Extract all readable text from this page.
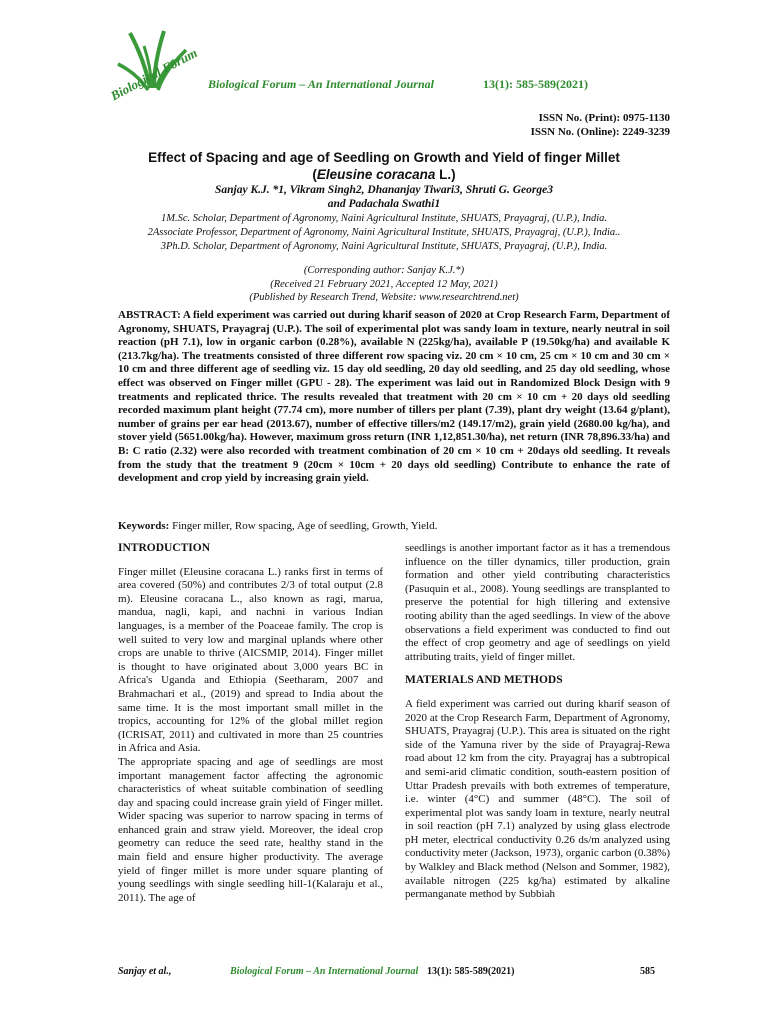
Biological Forum Biological Forum – An International Journal	13(1): 585-589(2021)
ISSN No. (Print): 0975-1130
ISSN No. (Online): 2249-3239
Effect of Spacing and age of Seedling on Growth and Yield of finger Millet
(Eleusine coracana L.)
Sanjay K.J. *1, Vikram Singh2, Dhananjay Tiwari3, Shruti G. George3
and Padachala Swathi1
1M.Sc. Scholar, Department of Agronomy, Naini Agricultural Institute, SHUATS, Prayagraj, (U.P.), India.
2Associate Professor, Department of Agronomy, Naini Agricultural Institute, SHUATS, Prayagraj, (U.P.), India..
3Ph.D. Scholar, Department of Agronomy, Naini Agricultural Institute, SHUATS, Prayagraj, (U.P.), India.
(Corresponding author: Sanjay K.J.*)
(Received 21 February 2021, Accepted 12 May, 2021)
(Published by Research Trend, Website: www.researchtrend.net)
ABSTRACT: A field experiment was carried out during kharif season of 2020 at Crop Research Farm, Department of Agronomy, SHUATS, Prayagraj (U.P.). The soil of experimental plot was sandy loam in texture, nearly neutral in soil reaction (pH 7.1), low in organic carbon (0.28%), available N (225kg/ha), available P (19.50kg/ha) and available K (213.7kg/ha). The treatments consisted of three different row spacing viz. 20 cm × 10 cm, 25 cm × 10 cm and 30 cm × 10 cm and three different age of seedling viz. 15 day old seedling, 20 day old seedling, and 25 day old seedling, whose effect was observed on Finger millet (GPU - 28). The experiment was laid out in Randomized Block Design with 9 treatments and replicated thrice. The results revealed that treatment with 20 cm × 10 cm + 20 days old seedling recorded maximum plant height (77.74 cm), more number of tillers per plant (7.39), plant dry weight (13.64 g/plant), number of grains per ear head (2013.67), number of effective tillers/m2 (149.17/m2), grain yield (2680.00 kg/ha), and stover yield (5651.00kg/ha). However, maximum gross return (INR 1,12,851.30/ha), net return (INR 78,896.33/ha) and B: C ratio (2.32) were also recorded with treatment combination of 20 cm × 10 cm + 20days old seedling. It reveals from the study that the treatment 9 (20cm × 10cm + 20 days old seedling) Contribute to enhance the rate of development and crop yield by increasing grain yield.
Keywords: Finger miller, Row spacing, Age of seedling, Growth, Yield.
INTRODUCTION

Finger millet (Eleusine coracana L.) ranks first in terms of area covered (50%) and contributes 2/3 of total output (2.8 m). Eleusine coracana L., also known as ragi, marua, mandua, nagli, kapi, and nachni in various Indian languages, is a member of the Poaceae family. The crop is well suited to very low and marginal uplands where other crops are unable to thrive (AICSMIP, 2014). Finger millet is thought to have originated about 3,000 years BC in Africa's Uganda and Ethiopia (Seetharam, 2007 and Brahmachari et al., (2019) and spread to India about the same time. It is the most important small millet in the tropics, accounting for 12% of the global millet region (ICRISAT, 2011) and cultivated in more than 25 countries in Africa and Asia.

The appropriate spacing and age of seedlings are most important management factor affecting the agronomic characteristics of wheat suitable combination of seedling day and spacing could increase grain yield of Finger millet. Wider spacing was superior to narrow spacing in terms of enhanced grain and straw yield. Moreover, the ideal crop geometry can reduce the seed rate, healthy stand in the main field and ensure higher productivity. The average yield of finger millet is more under square planting of young seedlings with single seedling hill-1(Kalaraju et al., 2011). The age of

seedlings is another important factor as it has a tremendous influence on the tiller dynamics, tiller production, grain formation and other yield contributing characteristics (Pasuquin et al., 2008). Young seedlings are transplanted to preserve the potential for high tillering and extensive rooting ability than the aged seedlings. In view of the above observations a field experiment was conducted to find out the effect of crop geometry and age of seedlings on yield attributing traits, yield of finger millet.

MATERIALS AND METHODS

A field experiment was carried out during kharif season of 2020 at the Crop Research Farm, Department of Agronomy, SHUATS, Prayagraj (U.P.). This area is situated on the right side of the Yamuna river by the side of Prayagraj-Rewa road about 12 km from the city. Prayagraj has a subtropical and semi-arid climatic condition, south-eastern position of Uttar Pradesh prevails with both extremes of temperature, i.e. winter (4°C) and summer (48°C). The soil of experimental plot was sandy loam in texture, nearly neutral in soil reaction (pH 7.1) analyzed by using glass electrode pH meter, electrical conductivity 0.26 ds/m analyzed using conductivity meter (Jackson, 1973), organic carbon (0.38%) by Walkley and Black method (Nelson and Sommer, 1982), available nitrogen (225 kg/ha) estimated by alkaline permanganate method by Subbiah

Sanjay et al.,	Biological Forum – An International Journal 13(1): 585-589(2021)	585
